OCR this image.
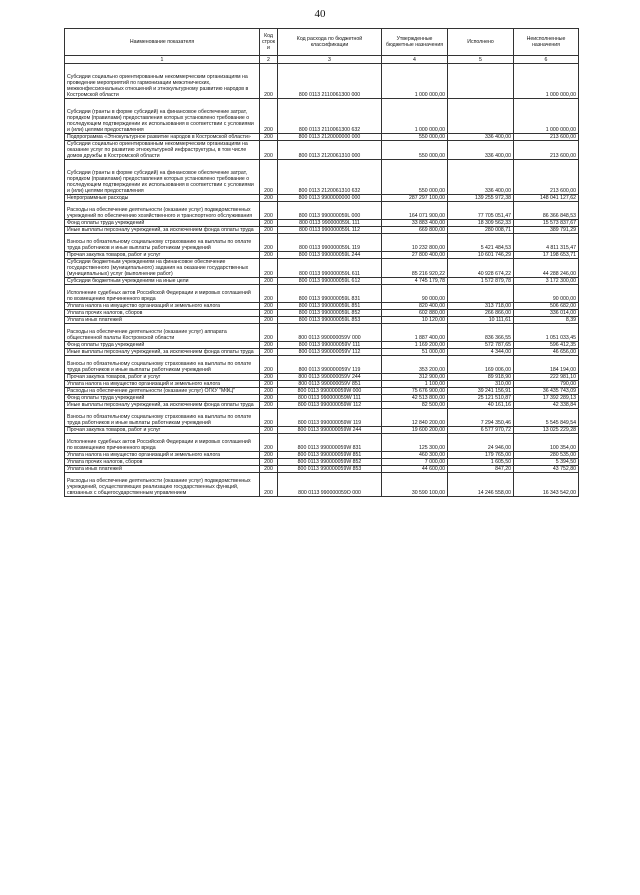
40
Наименование показателя	Код строк и	Код расхода по бюджетной классификации	Утвержденные бюджетные назначения	Исполнено	Неисполненные назначения
1	2	3	4	5	6
Субсидии социально ориентированным некоммерческим организациям на проведение мероприятий по гармонизации межэтнических, межконфессиональных отношений и этнокультурному развитию народов в Костромской области	200	800 0113 2110061300 000	1 000 000,00		1 000 000,00
Субсидии (гранты в форме субсидий) на финансовое обеспечение затрат, порядком (правилами) предоставления которых установлено требование о последующем подтверждении их использования в соответствии с условиями и (или) целями предоставления	200	800 0113 2110061300 632	1 000 000,00		1 000 000,00
Подпрограмма «Этнокультурное развитие народов в Костромской области»	200	800 0113 2120000000 000	550 000,00	336 400,00	213 600,00
Субсидии социально ориентированным некоммерческим организациям на оказание услуг по развитию этнокультурной инфраструктуры, в том числе домов дружбы в Костромской области	200	800 0113 2120061310 000	550 000,00	336 400,00	213 600,00
Субсидии (гранты в форме субсидий) на финансовое обеспечение затрат, порядком (правилами) предоставления которых установлено требование о последующем подтверждении их использования в соответствии с условиями и (или) целями предоставления	200	800 0113 2120061310 632	550 000,00	336 400,00	213 600,00
Непрограммные расходы	200	800 0113 9900000000 000	287 297 100,00	139 255 972,38	148 041 127,62
Расходы на обеспечение деятельности (оказание услуг) подведомственных учреждений по обеспечению хозяйственного и транспортного обслуживания	200	800 0113 990000059L 000	164 071 900,00	77 705 051,47	86 366 848,53
Фонд оплаты труда учреждений	200	800 0113 990000059L 111	33 883 400,00	18 309 562,33	15 573 837,67
Иные выплаты персоналу учреждений, за исключением фонда оплаты труда	200	800 0113 990000059L 112	669 800,00	280 008,71	389 791,29
Взносы по обязательному социальному страхованию на выплаты по оплате труда работников и иные выплаты работникам учреждений	200	800 0113 990000059L 119	10 232 800,00	5 421 484,53	4 811 315,47
Прочая закупка товаров, работ и услуг	200	800 0113 990000059L 244	27 800 400,00	10 601 746,29	17 198 653,71
Субсидии бюджетным учреждениям на финансовое обеспечение государственного (муниципального) задания на оказание государственных (муниципальных) услуг (выполнение работ)	200	800 0113 990000059L 611	85 216 920,22	40 928 674,22	44 288 246,00
Субсидии бюджетным учреждениям на иные цели	200	800 0113 990000059L 612	4 745 179,78	1 572 879,78	3 172 300,00
Исполнение судебных актов Российской Федерации и мировых соглашений по возмещению причиненного вреда	200	800 0113 990000059L 831	90 000,00		90 000,00
Уплата налога на имущество организаций и земельного налога	200	800 0113 990000059L 851	820 400,00	313 718,00	506 682,00
Уплата прочих налогов, сборов	200	800 0113 990000059L 852	602 880,00	266 866,00	336 014,00
Уплата иных платежей	200	800 0113 990000059L 853	10 120,00	10 111,61	8,39
Расходы на обеспечение деятельности (оказание услуг) аппарата общественной палаты Костромской области	200	800 0113 990000059V 000	1 887 400,00	836 366,55	1 051 033,45
Фонд оплаты труда учреждений	200	800 0113 990000059V 111	1 169 200,00	572 787,65	596 412,35
Иные выплаты персоналу учреждений, за исключением фонда оплаты труда	200	800 0113 990000059V 112	51 000,00	4 344,00	46 656,00
Взносы по обязательному социальному страхованию на выплаты по оплате труда работников и иные выплаты работникам учреждений	200	800 0113 990000059V 119	353 200,00	169 006,00	184 194,00
Прочая закупка товаров, работ и услуг	200	800 0113 990000059V 244	312 900,00	89 918,90	222 981,10
Уплата налога на имущество организаций и земельного налога	200	800 0113 990000059V 851	1 100,00	310,00	790,00
Расходы на обеспечение деятельности (оказание услуг) ОГКУ "МФЦ"	200	800 0113 990000059W 000	75 676 900,00	39 241 156,91	36 435 743,09
Фонд оплаты труда учреждений	200	800 0113 990000059W 111	42 513 800,00	25 121 510,87	17 392 289,13
Иные выплаты персоналу учреждений, за исключением фонда оплаты труда	200	800 0113 990000059W 112	82 500,00	40 161,16	42 338,84
Взносы по обязательному социальному страхованию на выплаты по оплате труда работников и иные выплаты работникам учреждений	200	800 0113 990000059W 119	12 840 200,00	7 294 350,46	5 545 849,54
Прочая закупка товаров, работ и услуг	200	800 0113 990000059W 244	19 600 200,00	6 577 970,72	13 025 229,28
Исполнение судебных актов Российской Федерации и мировых соглашений по возмещению причиненного вреда	200	800 0113 990000059W 831	125 300,00	24 946,00	100 354,00
Уплата налога на имущество организаций и земельного налога	200	800 0113 990000059W 851	460 300,00	179 765,00	280 535,00
Уплата прочих налогов, сборов	200	800 0113 990000059W 852	7 000,00	1 605,50	5 394,50
Уплата иных платежей	200	800 0113 990000059W 853	44 600,00	847,20	43 752,80
Расходы на обеспечение деятельности (оказание услуг) подведомственных учреждений, осуществляющих реализацию государственных функций, связанных с общегосударственным управлением	200	800 0113 990000059O 000	30 590 100,00	14 246 558,00	16 343 542,00
